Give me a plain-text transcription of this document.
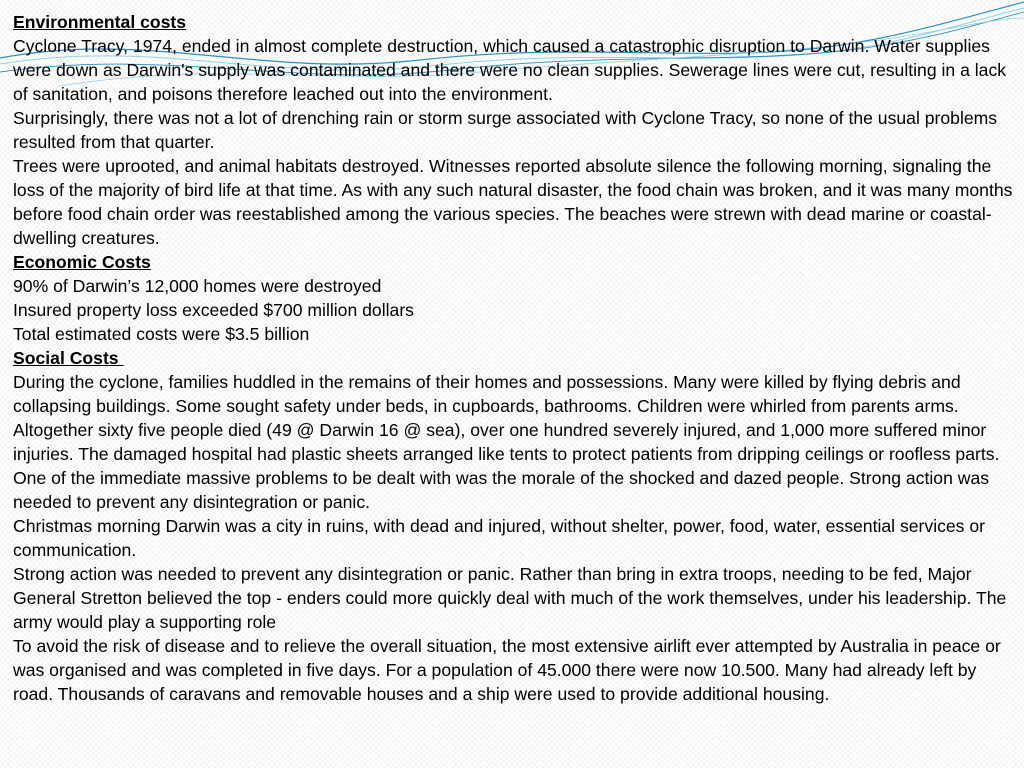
Environmental costs

Cyclone Tracy, 1974, ended in almost complete destruction, which caused a catastrophic disruption to Darwin. Water supplies were down as Darwin's supply was contaminated and there were no clean supplies. Sewerage lines were cut, resulting in a lack of sanitation, and poisons therefore leached out into the environment.

Surprisingly, there was not a lot of drenching rain or storm surge associated with Cyclone Tracy, so none of the usual problems resulted from that quarter.

Trees were uprooted, and animal habitats destroyed. Witnesses reported absolute silence the following morning, signaling the loss of the majority of bird life at that time. As with any such natural disaster, the food chain was broken, and it was many months before food chain order was reestablished among the various species. The beaches were strewn with dead marine or coastal-dwelling creatures.

Economic Costs

90% of Darwin’s 12,000 homes were destroyed

Insured property loss exceeded $700 million dollars

Total estimated costs were $3.5 billion

Social Costs

During the cyclone, families huddled in the remains of their homes and possessions. Many were killed by flying debris and collapsing buildings. Some sought safety under beds, in cupboards, bathrooms. Children were whirled from parents arms.

Altogether sixty five people died (49 @ Darwin 16 @ sea), over one hundred severely injured, and 1,000 more suffered minor injuries. The damaged hospital had plastic sheets arranged like tents to protect patients from dripping ceilings or roofless parts.

One of the immediate massive problems to be dealt with was the morale of the shocked and dazed people. Strong action was needed to prevent any disintegration or panic.

Christmas morning Darwin was a city in ruins, with dead and injured, without shelter, power, food, water, essential services or communication.

Strong action was needed to prevent any disintegration or panic. Rather than bring in extra troops, needing to be fed, Major General Stretton believed the top - enders could more quickly deal with much of the work themselves, under his leadership. The army would play a supporting role

To avoid the risk of disease and to relieve the overall situation, the most extensive airlift ever attempted by Australia in peace or was organised and was completed in five days. For a population of 45.000 there were now 10.500. Many had already left by road. Thousands of caravans and removable houses and a ship were used to provide additional housing.
